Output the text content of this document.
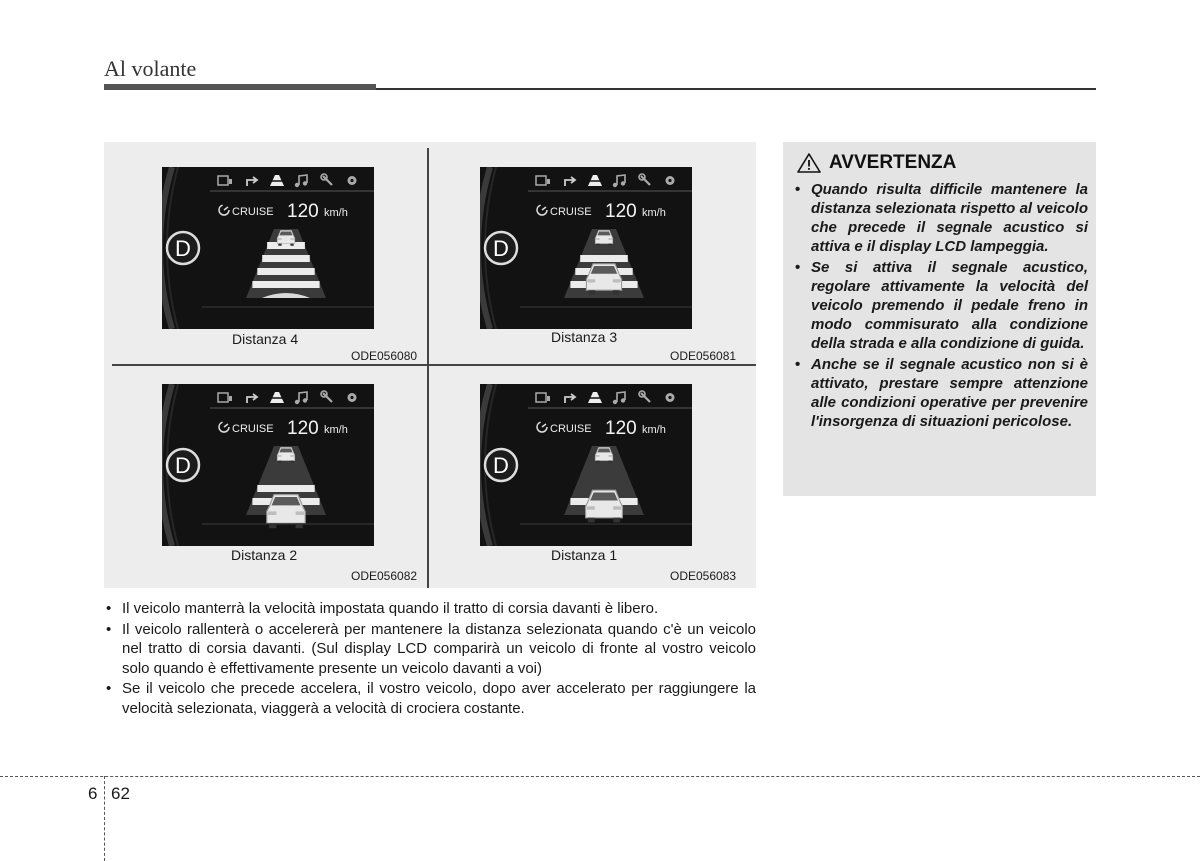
Al volante
CRUISE 120 km/h
D
Distanza 4
ODE056080
CRUISE 120 km/h
D
Distanza 3
ODE056081
CRUISE 120 km/h
D
Distanza 2
ODE056082
CRUISE 120 km/h
D
Distanza 1
ODE056083
AVVERTENZA
• Quando risulta difficile mantenere la distanza selezionata rispetto al veicolo che precede il segnale acustico si attiva e il display LCD lampeggia.
• Se si attiva il segnale acustico, regolare attivamente la velocità del veicolo premendo il pedale freno in modo commisurato alla condizione della strada e alla condizione di guida.
• Anche se il segnale acustico non si è attivato, prestare sempre attenzione alle condizioni operative per prevenire l'insorgenza di situazioni pericolose.
• Il veicolo manterrà la velocità impostata quando il tratto di corsia davanti è libero.
• Il veicolo rallenterà o accelererà per mantenere la distanza selezionata quando c'è un veicolo nel tratto di corsia davanti. (Sul display LCD comparirà un veicolo di fronte al vostro veicolo solo quando è effettivamente presente un veicolo davanti a voi)
• Se il veicolo che precede accelera, il vostro veicolo, dopo aver accelerato per raggiungere la velocità selezionata, viaggerà a velocità di crociera costante.
6 62
